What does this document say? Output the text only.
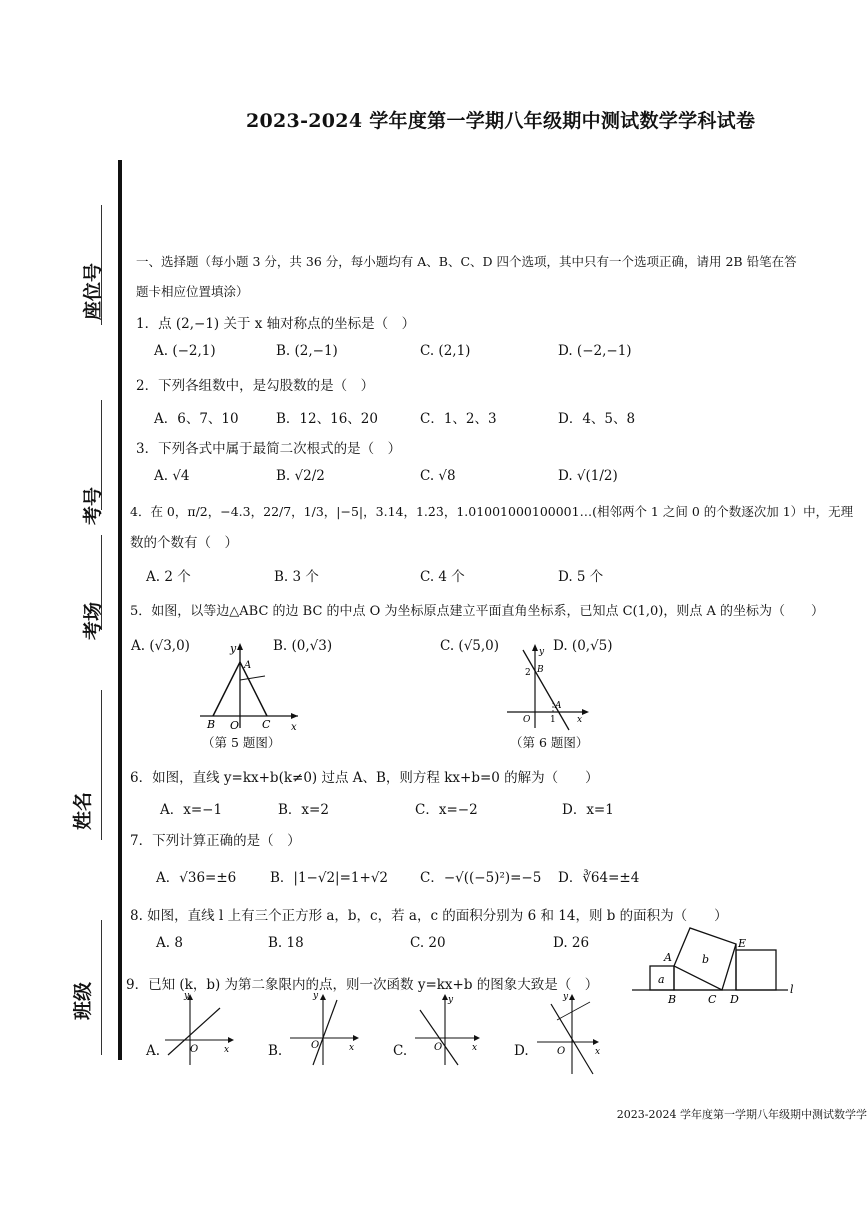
2023-2024 学年度第一学期八年级期中测试数学学科试卷
座位号
考号
考场
姓名
班级
一、选择题（每小题 3 分，共 36 分，每小题均有 A、B、C、D 四个选项，其中只有一个选项正确，请用 2B 铅笔在答
题卡相应位置填涂）
1．点 (2,−1) 关于 x 轴对称点的坐标是（　）
A. (−2,1)	B. (2,−1)	C. (2,1)	D. (−2,−1)
2．下列各组数中，是勾股数的是（　）
A．6、7、10	B．12、16、20	C．1、2、3	D．4、5、8
3．下列各式中属于最简二次根式的是（　）
A. √4	B. √2/2	C. √8	D. √(1/2)
4．在 0，π/2，−4.3，22/7，1/3，|−5|，3.14，1.2̇3̇，1.01001000100001…(相邻两个 1 之间 0 的个数逐次加 1）中，无理
数的个数有（　）
A. 2 个	B. 3 个	C. 4 个	D. 5 个
5．如图，以等边△ABC 的边 BC 的中点 O 为坐标原点建立平面直角坐标系，已知点 C(1,0)，则点 A 的坐标为（　　）
A. (√3,0)	B. (0,√3)	C. (√5,0)	D. (0,√5)
y
A
B O C x
（第 5 题图）
y
B
2
A
O 1 x
（第 6 题图）
6．如图，直线 y=kx+b(k≠0) 过点 A、B，则方程 kx+b=0 的解为（　　）
A．x=−1	B．x=2	C．x=−2	D．x=1
7．下列计算正确的是（　）
A．√36=±6	B．|1−√2|=1+√2 C．−√((−5)²)=−5 D．∛64=±4
8. 如图，直线 l 上有三个正方形 a，b，c，若 a，c 的面积分别为 6 和 14，则 b 的面积为（　　）
A. 8	B. 18	C. 20	D. 26
A
a
b
E
B	C D
l
9．已知 (k，b) 为第二象限内的点，则一次函数 y=kx+b 的图象大致是（　）
y
O	x
A.
y
O	x
B.
y
O	x
C.
y
O	x
D.
2023-2024 学年度第一学期八年级期中测试数学学
